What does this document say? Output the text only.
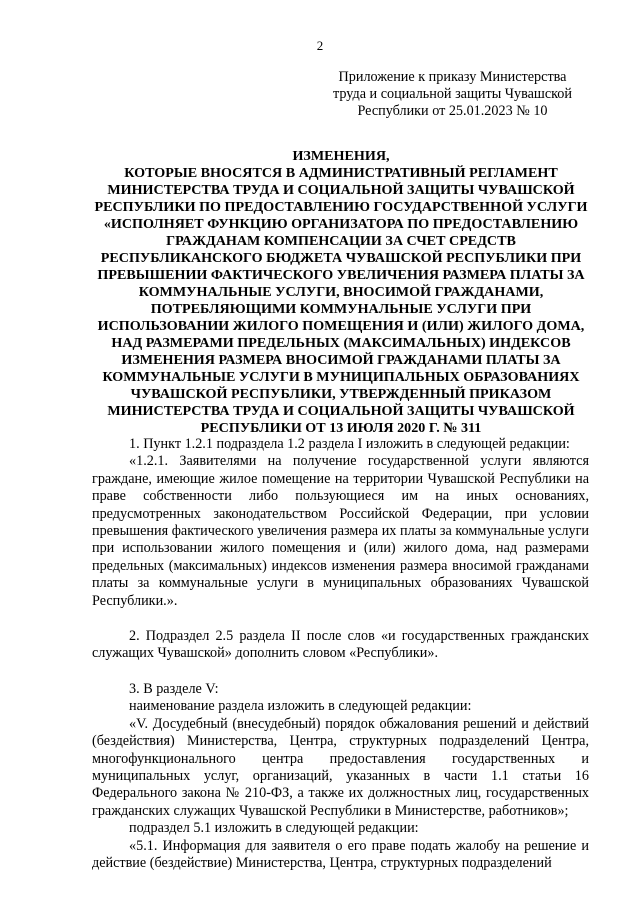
2
Приложение к приказу Министерства
труда и социальной защиты Чувашской
Республики от 25.01.2023 № 10
ИЗМЕНЕНИЯ,
КОТОРЫЕ ВНОСЯТСЯ В АДМИНИСТРАТИВНЫЙ РЕГЛАМЕНТ
МИНИСТЕРСТВА ТРУДА И СОЦИАЛЬНОЙ ЗАЩИТЫ ЧУВАШСКОЙ
РЕСПУБЛИКИ ПО ПРЕДОСТАВЛЕНИЮ ГОСУДАРСТВЕННОЙ УСЛУГИ
«ИСПОЛНЯЕТ ФУНКЦИЮ ОРГАНИЗАТОРА ПО ПРЕДОСТАВЛЕНИЮ
ГРАЖДАНАМ КОМПЕНСАЦИИ ЗА СЧЕТ СРЕДСТВ
РЕСПУБЛИКАНСКОГО БЮДЖЕТА ЧУВАШСКОЙ РЕСПУБЛИКИ ПРИ
ПРЕВЫШЕНИИ ФАКТИЧЕСКОГО УВЕЛИЧЕНИЯ РАЗМЕРА ПЛАТЫ ЗА
КОММУНАЛЬНЫЕ УСЛУГИ, ВНОСИМОЙ ГРАЖДАНАМИ,
ПОТРЕБЛЯЮЩИМИ КОММУНАЛЬНЫЕ УСЛУГИ ПРИ
ИСПОЛЬЗОВАНИИ ЖИЛОГО ПОМЕЩЕНИЯ И (ИЛИ) ЖИЛОГО ДОМА,
НАД РАЗМЕРАМИ ПРЕДЕЛЬНЫХ (МАКСИМАЛЬНЫХ) ИНДЕКСОВ
ИЗМЕНЕНИЯ РАЗМЕРА ВНОСИМОЙ ГРАЖДАНАМИ ПЛАТЫ ЗА
КОММУНАЛЬНЫЕ УСЛУГИ В МУНИЦИПАЛЬНЫХ ОБРАЗОВАНИЯХ
ЧУВАШСКОЙ РЕСПУБЛИКИ, УТВЕРЖДЕННЫЙ ПРИКАЗОМ
МИНИСТЕРСТВА ТРУДА И СОЦИАЛЬНОЙ ЗАЩИТЫ ЧУВАШСКОЙ
РЕСПУБЛИКИ ОТ 13 ИЮЛЯ 2020 Г. № 311

1. Пункт 1.2.1 подраздела 1.2 раздела I изложить в следующей редакции:

«1.2.1. Заявителями на получение государственной услуги являются граждане, имеющие жилое помещение на территории Чувашской Республики на праве собственности либо пользующиеся им на иных основаниях, предусмотренных законодательством Российской Федерации, при условии превышения фактического увеличения размера их платы за коммунальные услуги при использовании жилого помещения и (или) жилого дома, над размерами предельных (максимальных) индексов изменения размера вносимой гражданами платы за коммунальные услуги в муниципальных образованиях Чувашской Республики.».

2. Подраздел 2.5 раздела II после слов «и государственных гражданских служащих Чувашской» дополнить словом «Республики».

3. В разделе V:

наименование раздела изложить в следующей редакции:

«V. Досудебный (внесудебный) порядок обжалования решений и действий (бездействия) Министерства, Центра, структурных подразделений Центра, многофункционального центра предоставления государственных и муниципальных услуг, организаций, указанных в части 1.1 статьи 16 Федерального закона № 210-ФЗ, а также их должностных лиц, государственных гражданских служащих Чувашской Республики в Министерстве, работников»;

подраздел 5.1 изложить в следующей редакции:

«5.1. Информация для заявителя о его праве подать жалобу на решение и действие (бездействие) Министерства, Центра, структурных подразделений
